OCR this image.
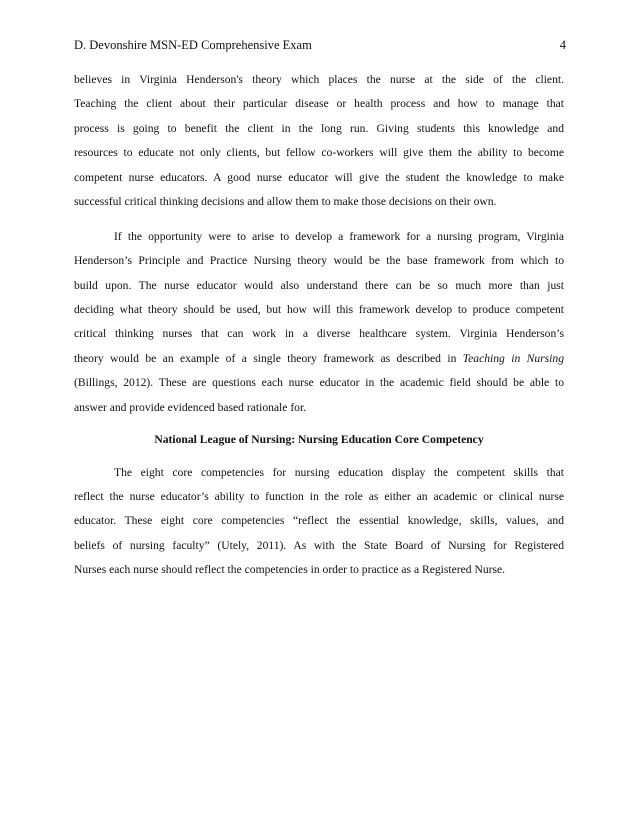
D. Devonshire MSN-ED Comprehensive Exam	4
believes in Virginia Henderson's theory which places the nurse at the side of the client.
Teaching the client about their particular disease or health process and how to manage that
process is going to benefit the client in the long run. Giving students this knowledge and
resources to educate not only clients, but fellow co-workers will give them the ability to become
competent nurse educators. A good nurse educator will give the student the knowledge to make
successful critical thinking decisions and allow them to make those decisions on their own.
If the opportunity were to arise to develop a framework for a nursing program, Virginia
Henderson’s Principle and Practice Nursing theory would be the base framework from which to
build upon. The nurse educator would also understand there can be so much more than just
deciding what theory should be used, but how will this framework develop to produce competent
critical thinking nurses that can work in a diverse healthcare system. Virginia Henderson’s
theory would be an example of a single theory framework as described in Teaching in Nursing
(Billings, 2012). These are questions each nurse educator in the academic field should be able to
answer and provide evidenced based rationale for.
National League of Nursing: Nursing Education Core Competency
The eight core competencies for nursing education display the competent skills that
reflect the nurse educator’s ability to function in the role as either an academic or clinical nurse
educator. These eight core competencies “reflect the essential knowledge, skills, values, and
beliefs of nursing faculty” (Utely, 2011). As with the State Board of Nursing for Registered
Nurses each nurse should reflect the competencies in order to practice as a Registered Nurse.
